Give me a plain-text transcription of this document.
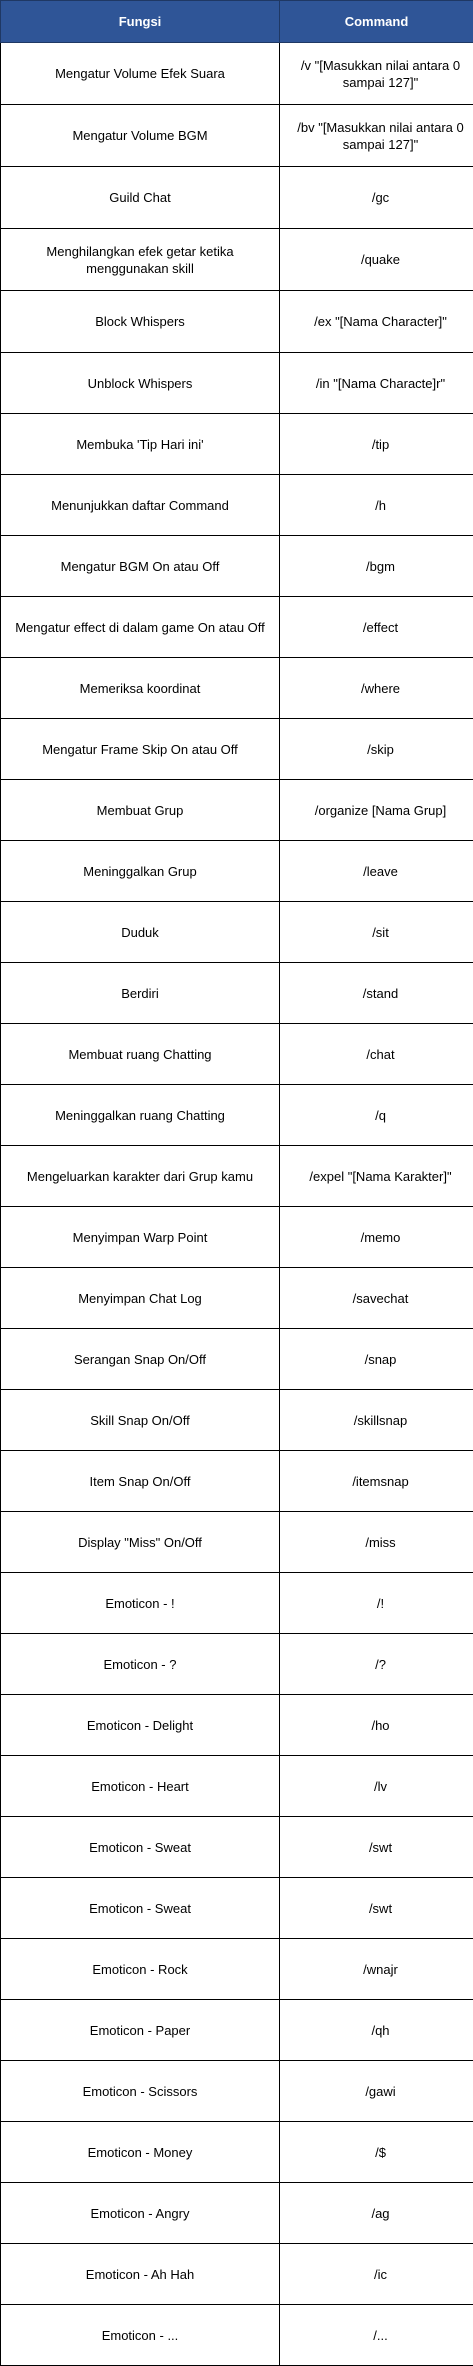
Fungsi	Command
Mengatur Volume Efek Suara	/v "[Masukkan nilai antara 0
sampai 127]"
Mengatur Volume BGM	/bv "[Masukkan nilai antara 0
sampai 127]"
Guild Chat	/gc
Menghilangkan efek getar ketika
menggunakan skill	/quake
Block Whispers	/ex "[Nama Character]"
Unblock Whispers	/in "[Nama Characte]r"
Membuka 'Tip Hari ini'	/tip
Menunjukkan daftar Command	/h
Mengatur BGM On atau Off	/bgm
Mengatur effect di dalam game On atau Off	/effect
Memeriksa koordinat	/where
Mengatur Frame Skip On atau Off	/skip
Membuat Grup	/organize [Nama Grup]
Meninggalkan Grup	/leave
Duduk	/sit
Berdiri	/stand
Membuat ruang Chatting	/chat
Meninggalkan ruang Chatting	/q
Mengeluarkan karakter dari Grup kamu	/expel "[Nama Karakter]"
Menyimpan Warp Point	/memo
Menyimpan Chat Log	/savechat
Serangan Snap On/Off	/snap
Skill Snap On/Off	/skillsnap
Item Snap On/Off	/itemsnap
Display "Miss" On/Off	/miss
Emoticon - !	/!
Emoticon - ?	/?
Emoticon - Delight	/ho
Emoticon - Heart	/lv
Emoticon - Sweat	/swt
Emoticon - Sweat	/swt
Emoticon - Rock	/wnajr
Emoticon - Paper	/qh
Emoticon - Scissors	/gawi
Emoticon - Money	/$
Emoticon - Angry	/ag
Emoticon - Ah Hah	/ic
Emoticon - ...	/...
